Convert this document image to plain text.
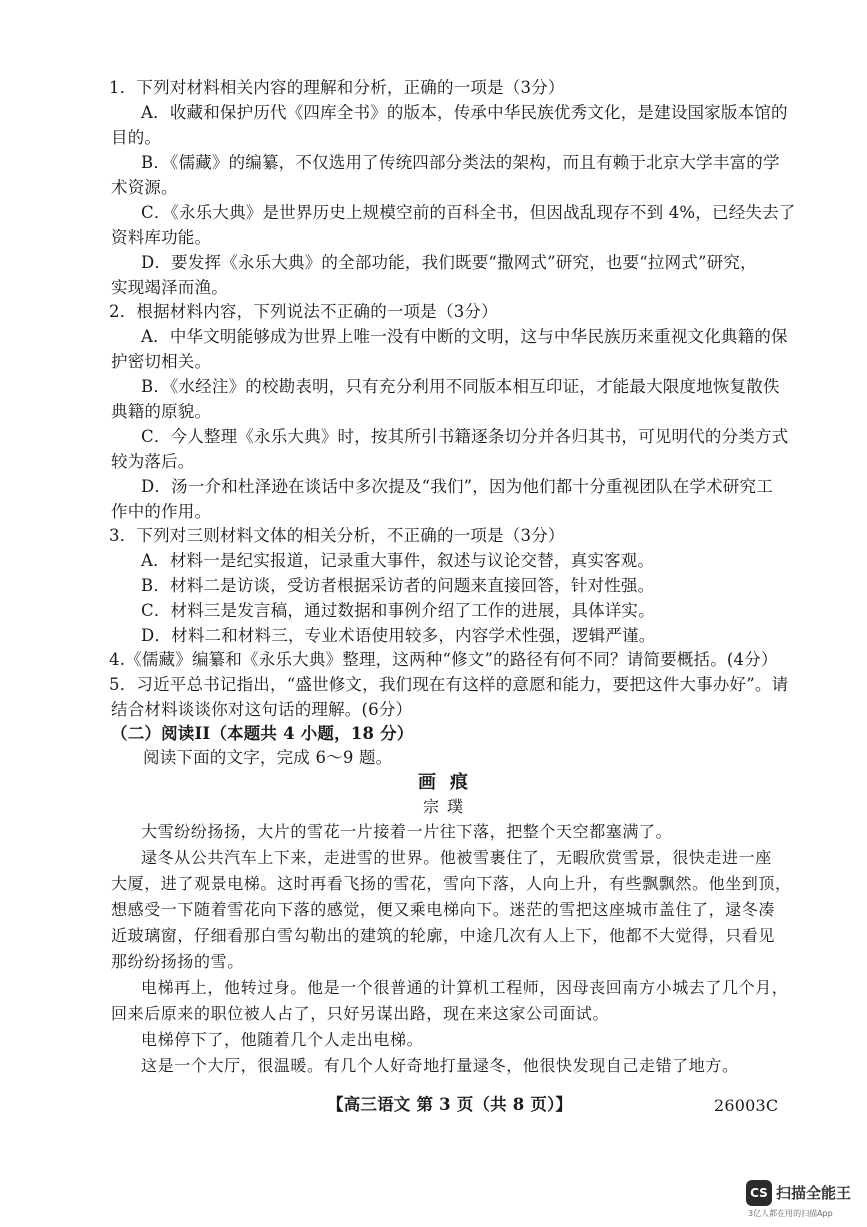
1．下列对材料相关内容的理解和分析，正确的一项是（3分）
A．收藏和保护历代《四库全书》的版本，传承中华民族优秀文化，是建设国家版本馆的
目的。
B．《儒藏》的编纂，不仅选用了传统四部分类法的架构，而且有赖于北京大学丰富的学
术资源。
C．《永乐大典》是世界历史上规模空前的百科全书，但因战乱现存不到 4%，已经失去了
资料库功能。
D．要发挥《永乐大典》的全部功能，我们既要“撒网式”研究，也要“拉网式”研究，
实现竭泽而渔。
2．根据材料内容，下列说法不正确的一项是（3分）
A．中华文明能够成为世界上唯一没有中断的文明，这与中华民族历来重视文化典籍的保
护密切相关。
B．《水经注》的校勘表明，只有充分利用不同版本相互印证，才能最大限度地恢复散佚
典籍的原貌。
C．今人整理《永乐大典》时，按其所引书籍逐条切分并各归其书，可见明代的分类方式
较为落后。
D．汤一介和杜泽逊在谈话中多次提及“我们”，因为他们都十分重视团队在学术研究工
作中的作用。
3．下列对三则材料文体的相关分析，不正确的一项是（3分）
A．材料一是纪实报道，记录重大事件，叙述与议论交替，真实客观。
B．材料二是访谈，受访者根据采访者的问题来直接回答，针对性强。
C．材料三是发言稿，通过数据和事例介绍了工作的进展，具体详实。
D．材料二和材料三，专业术语使用较多，内容学术性强，逻辑严谨。
4.《儒藏》编纂和《永乐大典》整理，这两种“修文”的路径有何不同？请简要概括。(4分）
5．习近平总书记指出，“盛世修文，我们现在有这样的意愿和能力，要把这件大事办好”。请
结合材料谈谈你对这句话的理解。(6分）
（二）阅读II（本题共 4 小题，18 分）
阅读下面的文字，完成 6～9 题。
画痕
宗璞
大雪纷纷扬扬，大片的雪花一片接着一片往下落，把整个天空都塞满了。
逯冬从公共汽车上下来，走进雪的世界。他被雪裹住了，无暇欣赏雪景，很快走进一座
大厦，进了观景电梯。这时再看飞扬的雪花，雪向下落，人向上升，有些飘飘然。他坐到顶，
想感受一下随着雪花向下落的感觉，便又乘电梯向下。迷茫的雪把这座城市盖住了，逯冬凑
近玻璃窗，仔细看那白雪勾勒出的建筑的轮廓，中途几次有人上下，他都不大觉得，只看见
那纷纷扬扬的雪。
电梯再上，他转过身。他是一个很普通的计算机工程师，因母丧回南方小城去了几个月，
回来后原来的职位被人占了，只好另谋出路，现在来这家公司面试。
电梯停下了，他随着几个人走出电梯。
这是一个大厅，很温暖。有几个人好奇地打量逯冬，他很快发现自己走错了地方。
【高三语文 第 3 页（共 8 页）】	26003C
CS 扫描全能王
3亿人都在用的扫描App
